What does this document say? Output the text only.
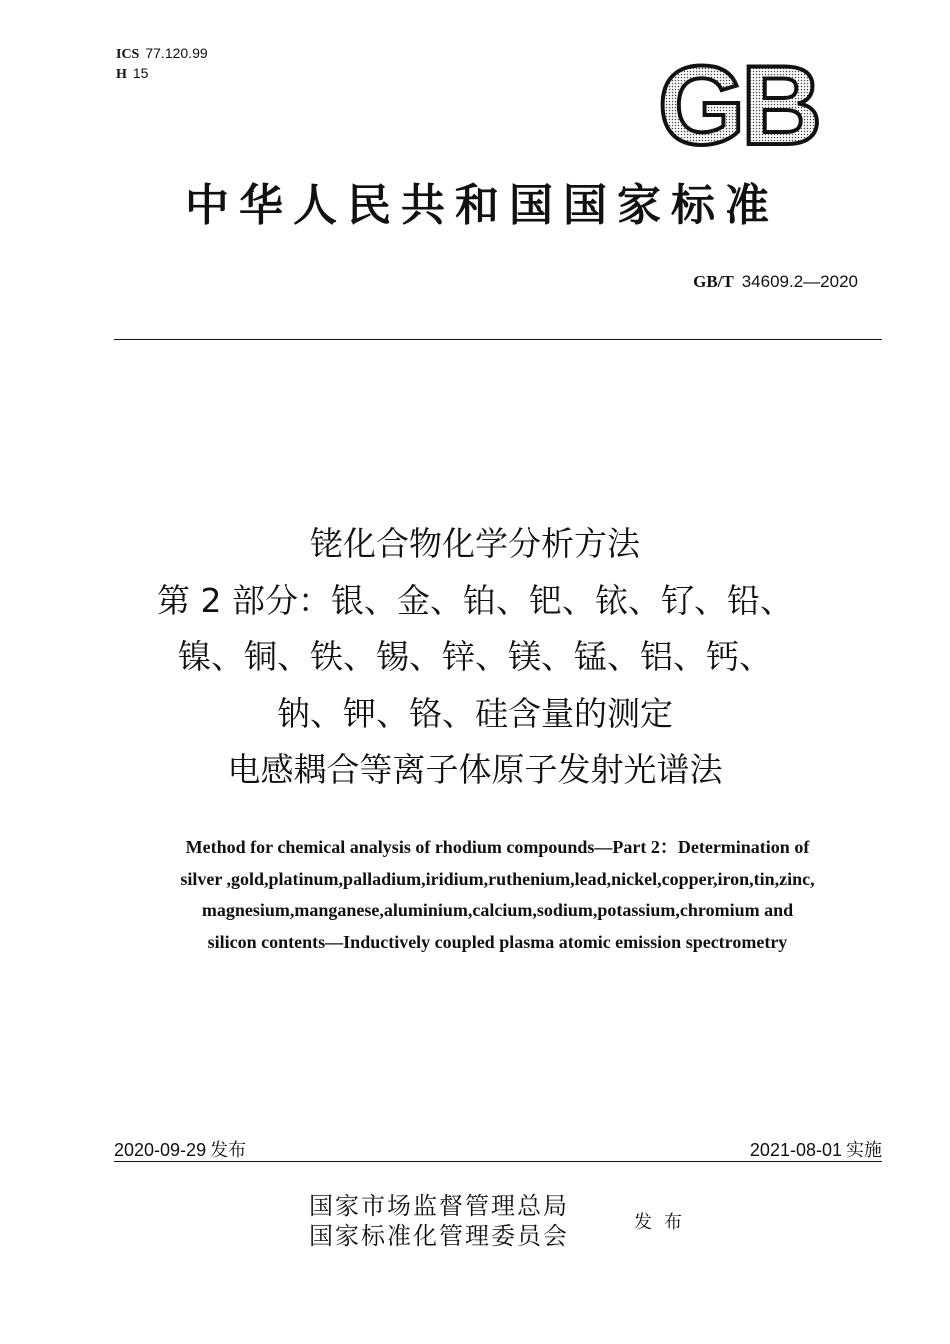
ICS 77.120.99
H 15	GB
中华人民共和国国家标准
GB/T 34609.2—2020
铑化合物化学分析方法
第 2 部分：银、金、铂、钯、铱、钌、铅、
镍、铜、铁、锡、锌、镁、锰、铝、钙、
钠、钾、铬、硅含量的测定
电感耦合等离子体原子发射光谱法
Method for chemical analysis of rhodium compounds—Part 2：Determination of
silver ,gold,platinum,palladium,iridium,ruthenium,lead,nickel,copper,iron,tin,zinc,
magnesium,manganese,aluminium,calcium,sodium,potassium,chromium and
silicon contents—Inductively coupled plasma atomic emission spectrometry
2020-09-29 发布	2021-08-01 实施
国家市场监督管理总局
国家标准化管理委员会	发布
